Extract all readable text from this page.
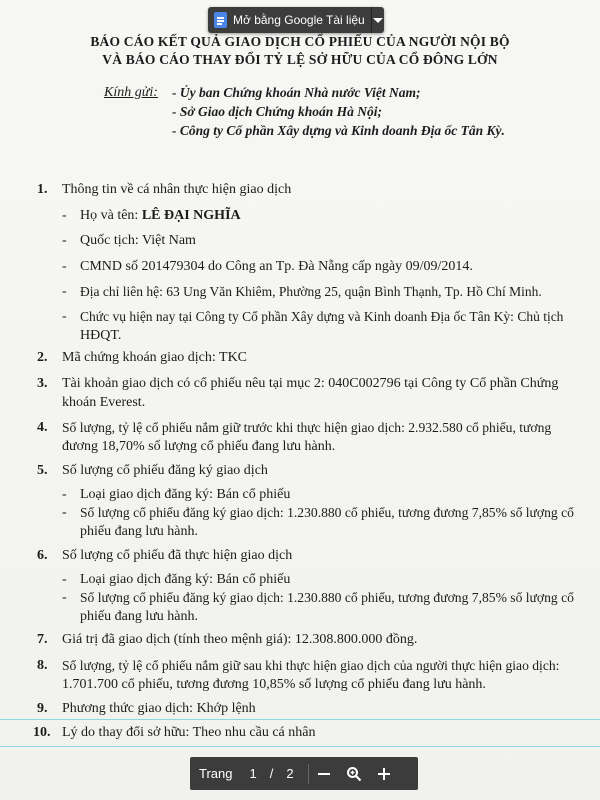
Mở bằng Google Tài liệu
BÁO CÁO KẾT QUẢ GIAO DỊCH CỔ PHIẾU CỦA NGƯỜI NỘI BỘ
VÀ BÁO CÁO THAY ĐỔI TỶ LỆ SỞ HỮU CỦA CỔ ĐÔNG LỚN
Kính gửi: - Ủy ban Chứng khoán Nhà nước Việt Nam;
- Sở Giao dịch Chứng khoán Hà Nội;
- Công ty Cổ phần Xây dựng và Kinh doanh Địa ốc Tân Kỳ.
1. Thông tin về cá nhân thực hiện giao dịch
- Họ và tên: LÊ ĐẠI NGHĨA
- Quốc tịch: Việt Nam
- CMND số 201479304 do Công an Tp. Đà Nẵng cấp ngày 09/09/2014.
- Địa chỉ liên hệ: 63 Ung Văn Khiêm, Phường 25, quận Bình Thạnh, Tp. Hồ Chí Minh.
- Chức vụ hiện nay tại Công ty Cổ phần Xây dựng và Kinh doanh Địa ốc Tân Kỳ: Chủ tịch
HĐQT.
2. Mã chứng khoán giao dịch: TKC
3. Tài khoản giao dịch có cổ phiếu nêu tại mục 2: 040C002796 tại Công ty Cổ phần Chứng
khoán Everest.
4. Số lượng, tỷ lệ cổ phiếu nắm giữ trước khi thực hiện giao dịch: 2.932.580 cổ phiếu, tương
đương 18,70% số lượng cổ phiếu đang lưu hành.
5. Số lượng cổ phiếu đăng ký giao dịch
- Loại giao dịch đăng ký: Bán cổ phiếu
- Số lượng cổ phiếu đăng ký giao dịch: 1.230.880 cổ phiếu, tương đương 7,85% số lượng cổ
phiếu đang lưu hành.
6. Số lượng cổ phiếu đã thực hiện giao dịch
- Loại giao dịch đăng ký: Bán cổ phiếu
- Số lượng cổ phiếu đăng ký giao dịch: 1.230.880 cổ phiếu, tương đương 7,85% số lượng cổ
phiếu đang lưu hành.
7. Giá trị đã giao dịch (tính theo mệnh giá): 12.308.800.000 đồng.
8. Số lượng, tỷ lệ cổ phiếu nắm giữ sau khi thực hiện giao dịch của người thực hiện giao dịch:
1.701.700 cổ phiếu, tương đương 10,85% số lượng cổ phiếu đang lưu hành.
9. Phương thức giao dịch: Khớp lệnh
10. Lý do thay đổi sở hữu: Theo nhu cầu cá nhân
Trang 1 / 2
